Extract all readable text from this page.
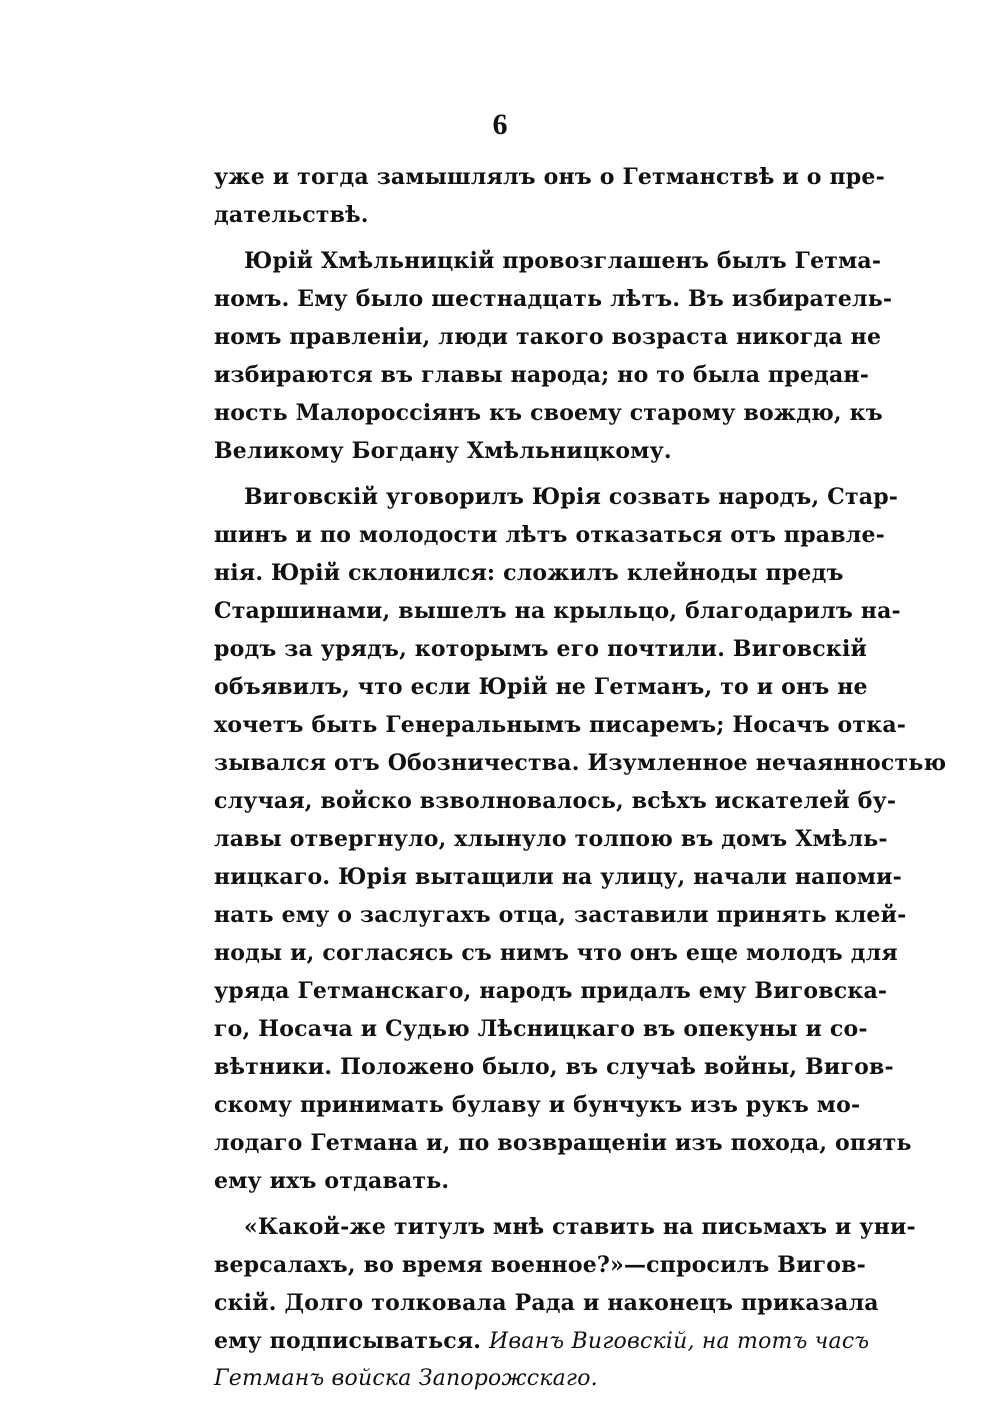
6
уже и тогда замышлялъ онъ о Гетманствѣ и о пре-
дательствѣ.
Юрій Хмѣльницкій провозглашенъ былъ Гетма-
номъ. Ему было шестнадцать лѣтъ. Въ избиратель-
номъ правленіи, люди такого возраста никогда не
избираются въ главы народа; но то была предан-
ность Малороссіянъ къ своему старому вождю, къ
Великому Богдану Хмѣльницкому.
Виговскій уговорилъ Юрія созвать народъ, Стар-
шинъ и по молодости лѣтъ отказаться отъ правле-
нія. Юрій склонился: сложилъ клейноды предъ
Старшинами, вышелъ на крыльцо, благодарилъ на-
родъ за урядъ, которымъ его почтили. Виговскій
объявилъ, что если Юрій не Гетманъ, то и онъ не
хочетъ быть Генеральнымъ писаремъ; Носачъ отка-
зывался отъ Обозничества. Изумленное нечаянностью
случая, войско взволновалось, всѣхъ искателей бу-
лавы отвергнуло, хлынуло толпою въ домъ Хмѣль-
ницкаго. Юрія вытащили на улицу, начали напоми-
нать ему о заслугахъ отца, заставили принять клей-
ноды и, согласясь съ нимъ что онъ еще молодъ для
уряда Гетманскаго, народъ придалъ ему Виговска-
го, Носача и Судью Лѣсницкаго въ опекуны и со-
вѣтники. Положено было, въ случаѣ войны, Вигов-
скому принимать булаву и бунчукъ изъ рукъ мо-
лодаго Гетмана и, по возвращеніи изъ похода, опять
ему ихъ отдавать.
«Какой-же титулъ мнѣ ставить на письмахъ и уни-
версалахъ, во время военное?»—спросилъ Вигов-
скій. Долго толковала Рада и наконецъ приказала
ему подписываться. Иванъ Виговскій, на тотъ часъ
Гетманъ войска Запорожскаго.
